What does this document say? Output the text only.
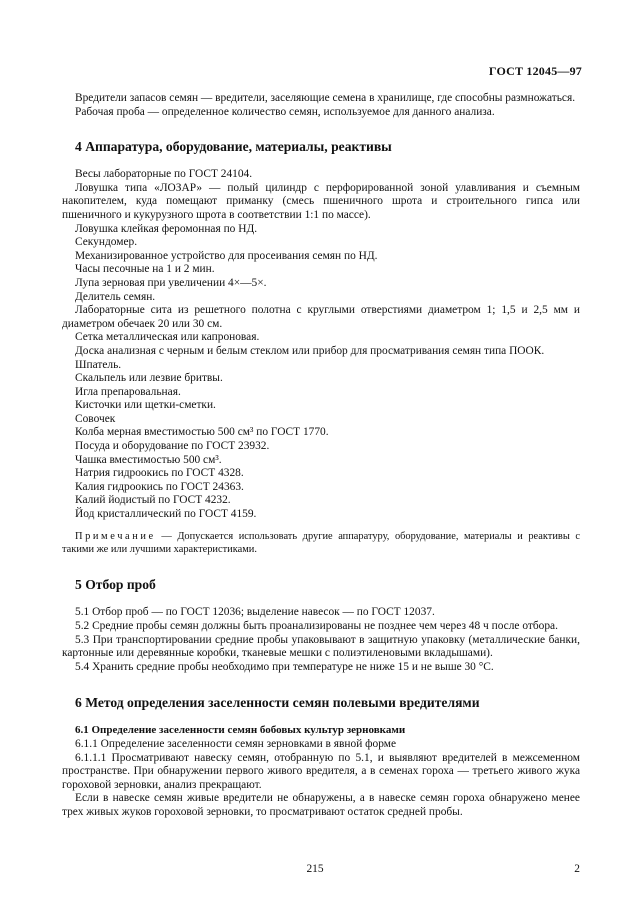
ГОСТ 12045—97

Вредители запасов семян — вредители, заселяющие семена в хранилище, где способны размножаться.

Рабочая проба — определенное количество семян, используемое для данного анализа.

4 Аппаратура, оборудование, материалы, реактивы

Весы лабораторные по ГОСТ 24104.

Ловушка типа «ЛОЗАР» — полый цилиндр с перфорированной зоной улавливания и съемным накопителем, куда помещают приманку (смесь пшеничного шрота и строительного гипса или пшеничного и кукурузного шрота в соответствии 1:1 по массе).

Ловушка клейкая феромонная по НД.

Секундомер.

Механизированное устройство для просеивания семян по НД.

Часы песочные на 1 и 2 мин.

Лупа зерновая при увеличении 4×—5×.

Делитель семян.

Лабораторные сита из решетного полотна с круглыми отверстиями диаметром 1; 1,5 и 2,5 мм и диаметром обечаек 20 или 30 см.

Сетка металлическая или капроновая.

Доска анализная с черным и белым стеклом или прибор для просматривания семян типа ПООК.

Шпатель.

Скальпель или лезвие бритвы.

Игла препаровальная.

Кисточки или щетки-сметки.

Совочек

Колба мерная вместимостью 500 см³ по ГОСТ 1770.

Посуда и оборудование по ГОСТ 23932.

Чашка вместимостью 500 см³.

Натрия гидроокись по ГОСТ 4328.

Калия гидроокись по ГОСТ 24363.

Калий йодистый по ГОСТ 4232.

Йод кристаллический по ГОСТ 4159.

Примечание — Допускается использовать другие аппаратуру, оборудование, материалы и реактивы с такими же или лучшими характеристиками.

5 Отбор проб

5.1 Отбор проб — по ГОСТ 12036; выделение навесок — по ГОСТ 12037.

5.2 Средние пробы семян должны быть проанализированы не позднее чем через 48 ч после отбора.

5.3 При транспортировании средние пробы упаковывают в защитную упаковку (металлические банки, картонные или деревянные коробки, тканевые мешки с полиэтиленовыми вкладышами).

5.4 Хранить средние пробы необходимо при температуре не ниже 15 и не выше 30 °С.

6 Метод определения заселенности семян полевыми вредителями
6.1 Определение заселенности семян бобовых культур зерновками

6.1.1 Определение заселенности семян зерновками в явной форме

6.1.1.1 Просматривают навеску семян, отобранную по 5.1, и выявляют вредителей в межсеменном пространстве. При обнаружении первого живого вредителя, а в семенах гороха — третьего живого жука гороховой зерновки, анализ прекращают.

Если в навеске семян живые вредители не обнаружены, а в навеске семян гороха обнаружено менее трех живых жуков гороховой зерновки, то просматривают остаток средней пробы.

215	2
